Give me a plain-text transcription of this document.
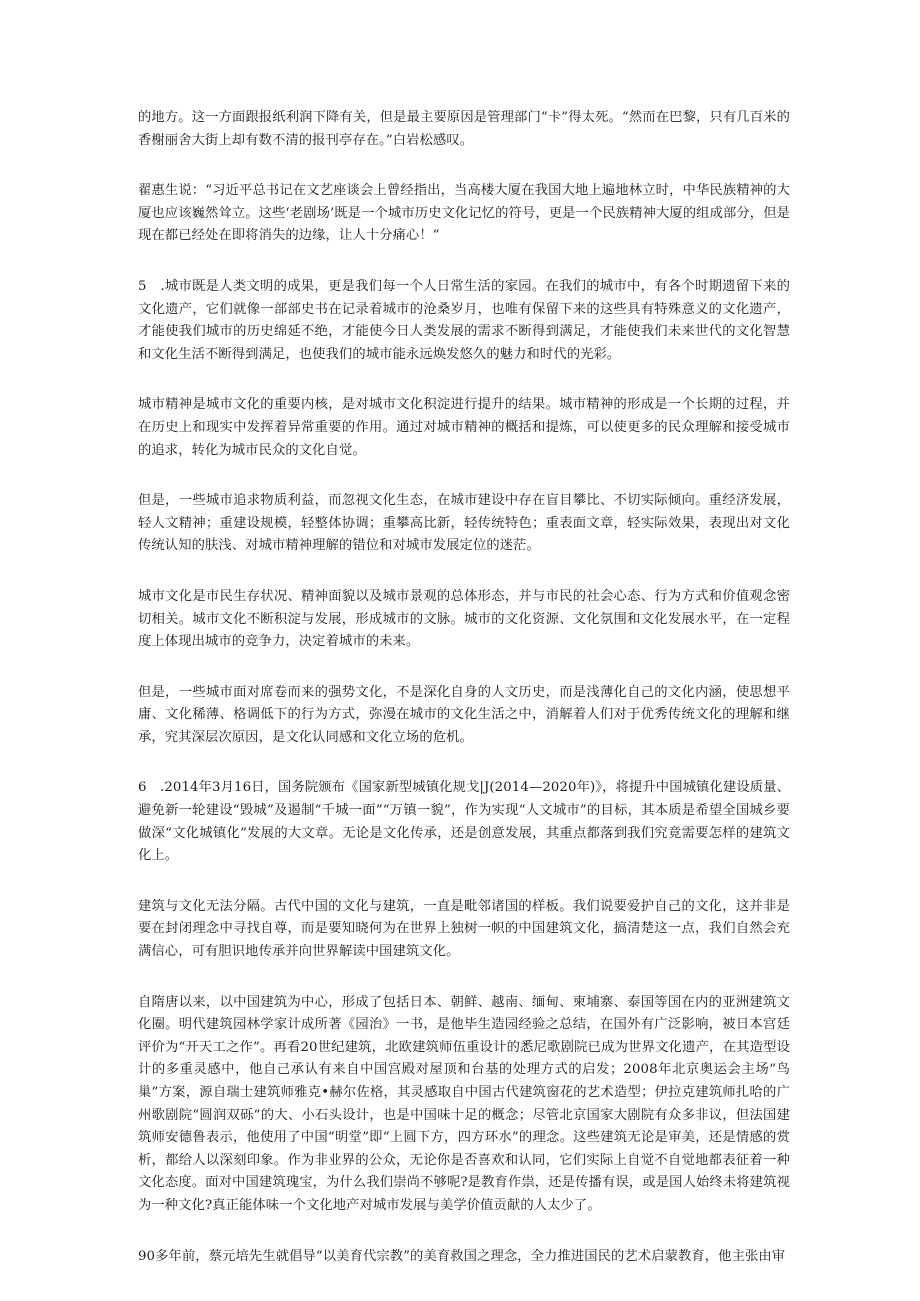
的地方。这一方面跟报纸利润下降有关，但是最主要原因是管理部门“卡”得太死。“然而在巴黎，只有几百米的香榭丽舍大街上却有数不清的报刊亭存在。”白岩松感叹。

翟惠生说：“习近平总书记在文艺座谈会上曾经指出，当高楼大厦在我国大地上遍地林立时，中华民族精神的大厦也应该巍然耸立。这些‘老剧场’既是一个城市历史文化记忆的符号，更是一个民族精神大厦的组成部分，但是现在都已经处在即将消失的边缘，让人十分痛心！”

5　.城市既是人类文明的成果，更是我们每一个人日常生活的家园。在我们的城市中，有各个时期遗留下来的文化遗产，它们就像一部部史书在记录着城市的沧桑岁月，也唯有保留下来的这些具有特殊意义的文化遗产，才能使我们城市的历史绵延不绝，才能使今日人类发展的需求不断得到满足，才能使我们未来世代的文化智慧和文化生活不断得到满足，也使我们的城市能永远焕发悠久的魅力和时代的光彩。

城市精神是城市文化的重要内核，是对城市文化积淀进行提升的结果。城市精神的形成是一个长期的过程，并在历史上和现实中发挥着异常重要的作用。通过对城市精神的概括和提炼，可以使更多的民众理解和接受城市的追求，转化为城市民众的文化自觉。

但是，一些城市追求物质利益，而忽视文化生态，在城市建设中存在盲目攀比、不切实际倾向。重经济发展，轻人文精神；重建设规模，轻整体协调；重攀高比新，轻传统特色；重表面文章，轻实际效果，表现出对文化传统认知的肤浅、对城市精神理解的错位和对城市发展定位的迷茫。

城市文化是市民生存状况、精神面貌以及城市景观的总体形态，并与市民的社会心态、行为方式和价值观念密切相关。城市文化不断积淀与发展，形成城市的文脉。城市的文化资源、文化氛围和文化发展水平，在一定程度上体现出城市的竞争力，决定着城市的未来。

但是，一些城市面对席卷而来的强势文化，不是深化自身的人文历史，而是浅薄化自己的文化内涵，使思想平庸、文化稀薄、格调低下的行为方式，弥漫在城市的文化生活之中，消解着人们对于优秀传统文化的理解和继承，究其深层次原因，是文化认同感和文化立场的危机。

6　.2014年3月16日，国务院颁布《国家新型城镇化规戈|J(2014—2020年)》，将提升中国城镇化建设质量、避免新一轮建设“毁城”及遏制“千城一面”“万镇一貌”，作为实现“人文城市”的目标，其本质是希望全国城乡要做深“文化城镇化”发展的大文章。无论是文化传承，还是创意发展，其重点都落到我们究竟需要怎样的建筑文化上。

建筑与文化无法分隔。古代中国的文化与建筑，一直是毗邻诸国的样板。我们说要爱护自己的文化，这并非是要在封闭理念中寻找自尊，而是要知晓何为在世界上独树一帜的中国建筑文化，搞清楚这一点，我们自然会充满信心，可有胆识地传承并向世界解读中国建筑文化。

自隋唐以来，以中国建筑为中心，形成了包括日本、朝鲜、越南、缅甸、柬埔寨、泰国等国在内的亚洲建筑文化圈。明代建筑园林学家计成所著《园治》一书，是他毕生造园经验之总结，在国外有广泛影响，被日本宫廷评价为“开天工之作”。再看20世纪建筑，北欧建筑师伍重设计的悉尼歌剧院已成为世界文化遗产，在其造型设计的多重灵感中，他自己承认有来自中国宫殿对屋顶和台基的处理方式的启发；2008年北京奥运会主场“鸟巢”方案，源自瑞士建筑师雅克•赫尔佐格，其灵感取自中国古代建筑窗花的艺术造型；伊拉克建筑师扎哈的广州歌剧院“圆润双砾”的大、小石头设计，也是中国味十足的概念；尽管北京国家大剧院有众多非议，但法国建筑师安德鲁表示，他使用了中国“明堂”即“上圆下方，四方环水”的理念。这些建筑无论是审美，还是情感的赏析，都给人以深刻印象。作为非业界的公众，无论你是否喜欢和认同，它们实际上自觉不自觉地都表征着一种文化态度。面对中国建筑瑰宝，为什么我们崇尚不够呢?是教育作祟，还是传播有误，或是国人始终未将建筑视为一种文化?真正能体味一个文化地产对城市发展与美学价值贡献的人太少了。

90多年前，蔡元培先生就倡导“以美育代宗教”的美育救国之理念，全力推进国民的艺术启蒙教育，他主张由审
